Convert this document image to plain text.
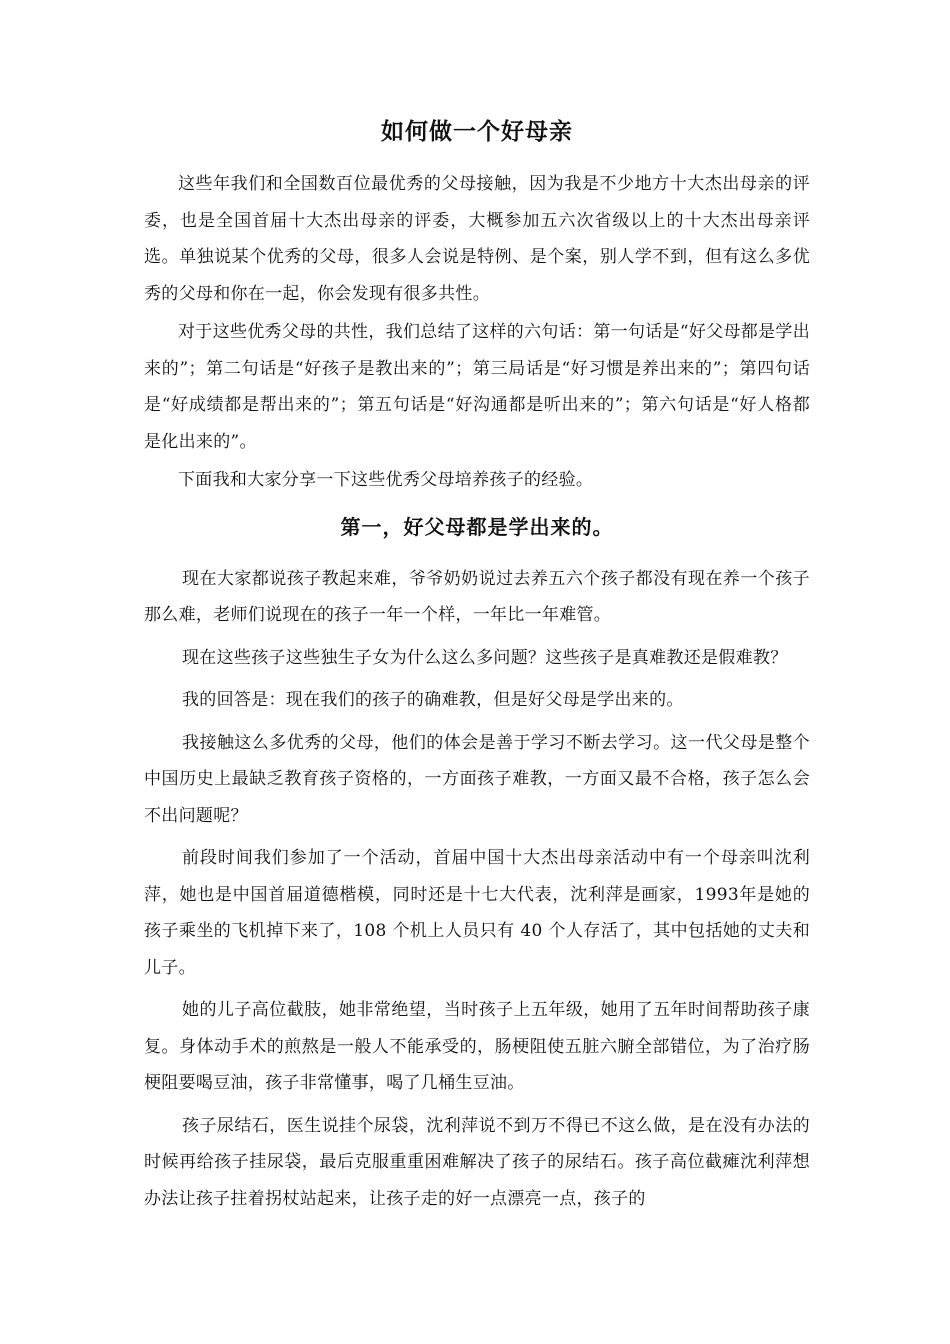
如何做一个好母亲

这些年我们和全国数百位最优秀的父母接触，因为我是不少地方十大杰出母亲的评委，也是全国首届十大杰出母亲的评委，大概参加五六次省级以上的十大杰出母亲评选。单独说某个优秀的父母，很多人会说是特例、是个案，别人学不到，但有这么多优秀的父母和你在一起，你会发现有很多共性。

对于这些优秀父母的共性，我们总结了这样的六句话：第一句话是“好父母都是学出来的”；第二句话是“好孩子是教出来的”；第三局话是“好习惯是养出来的”；第四句话是“好成绩都是帮出来的”；第五句话是“好沟通都是听出来的”；第六句话是“好人格都是化出来的”。

下面我和大家分享一下这些优秀父母培养孩子的经验。

第一，好父母都是学出来的。

现在大家都说孩子教起来难，爷爷奶奶说过去养五六个孩子都没有现在养一个孩子那么难，老师们说现在的孩子一年一个样，一年比一年难管。

现在这些孩子这些独生子女为什么这么多问题？这些孩子是真难教还是假难教？

我的回答是：现在我们的孩子的确难教，但是好父母是学出来的。

我接触这么多优秀的父母，他们的体会是善于学习不断去学习。这一代父母是整个中国历史上最缺乏教育孩子资格的，一方面孩子难教，一方面又最不合格，孩子怎么会不出问题呢？

前段时间我们参加了一个活动，首届中国十大杰出母亲活动中有一个母亲叫沈利萍，她也是中国首届道德楷模，同时还是十七大代表，沈利萍是画家，1993年是她的孩子乘坐的飞机掉下来了，108 个机上人员只有 40 个人存活了，其中包括她的丈夫和儿子。

她的儿子高位截肢，她非常绝望，当时孩子上五年级，她用了五年时间帮助孩子康复。身体动手术的煎熬是一般人不能承受的，肠梗阻使五脏六腑全部错位，为了治疗肠梗阻要喝豆油，孩子非常懂事，喝了几桶生豆油。

孩子尿结石，医生说挂个尿袋，沈利萍说不到万不得已不这么做，是在没有办法的时候再给孩子挂尿袋，最后克服重重困难解决了孩子的尿结石。孩子高位截瘫沈利萍想办法让孩子拄着拐杖站起来，让孩子走的好一点漂亮一点，孩子的
